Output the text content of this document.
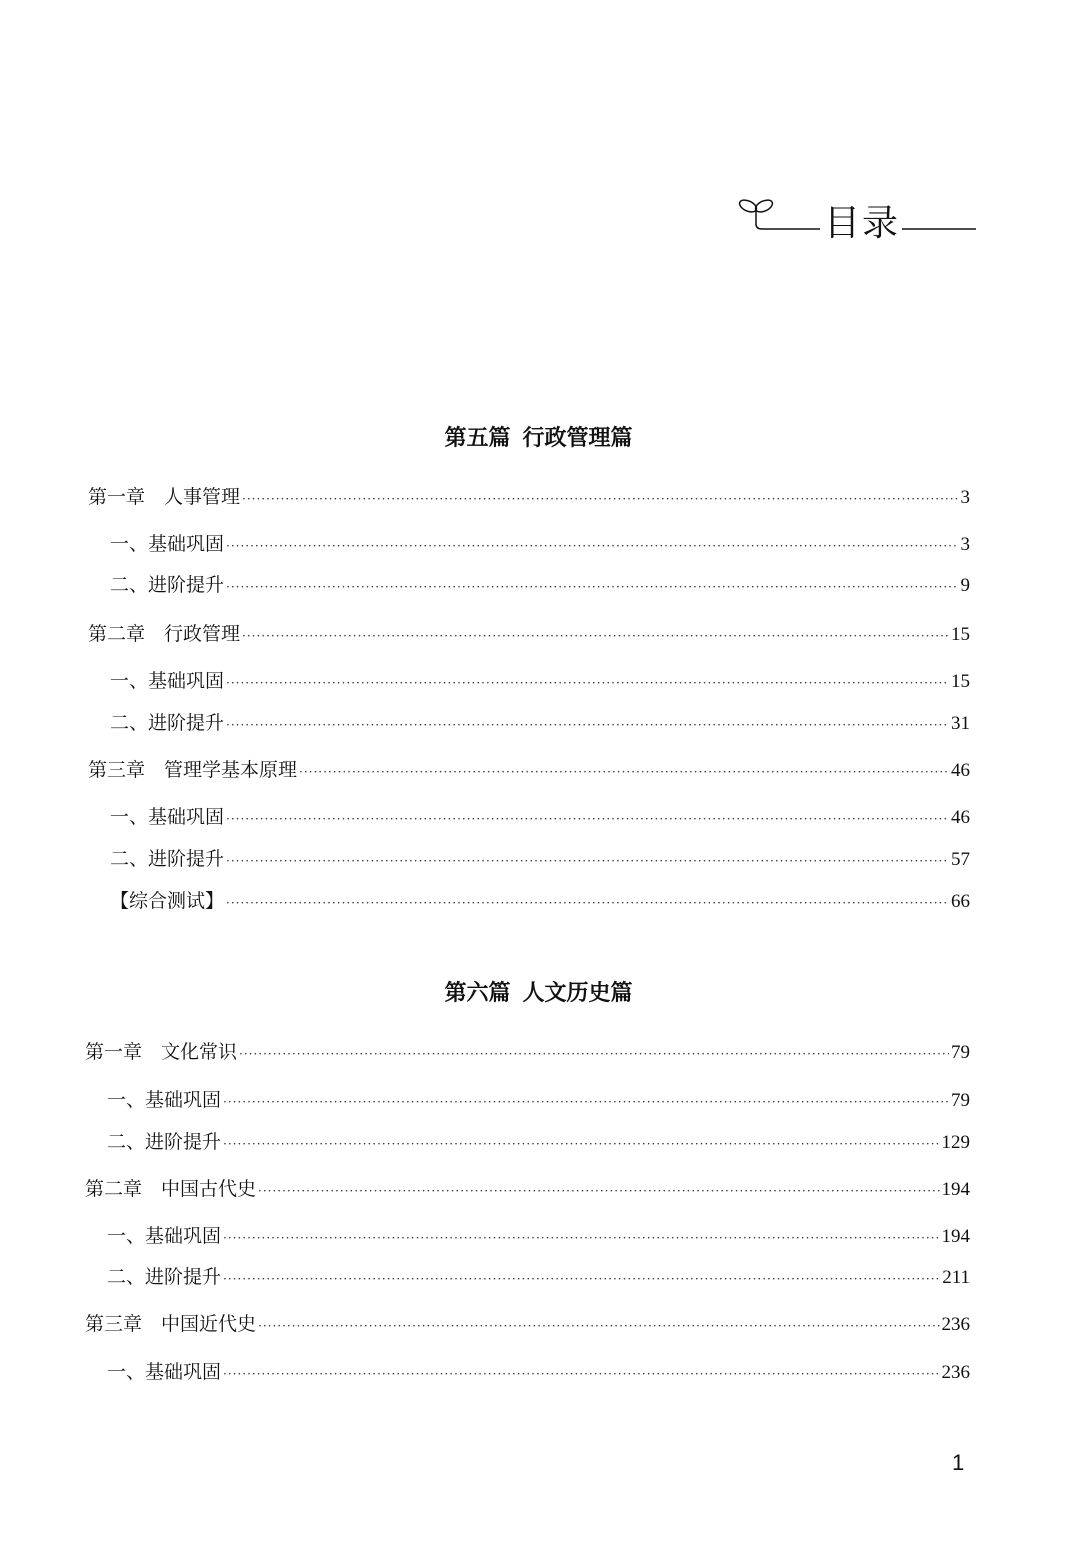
目录
第五篇 行政管理篇
第六篇 人文历史篇
第一章　人事管理 ·····	3
一、基础巩固 ·····	3
二、进阶提升 ·····	9
第二章　行政管理 ·····	15
一、基础巩固 ·····	15
二、进阶提升 ·····	31
第三章　管理学基本原理 ·····	46
一、基础巩固 ·····	46
二、进阶提升 ·····	57
【综合测试】 ·····	66
第一章　文化常识 ·····	79
一、基础巩固 ·····	79
二、进阶提升 ·····	129
第二章　中国古代史 ·····	194
一、基础巩固 ·····	194
二、进阶提升 ·····	211
第三章　中国近代史 ·····	236
一、基础巩固 ·····	236
1
